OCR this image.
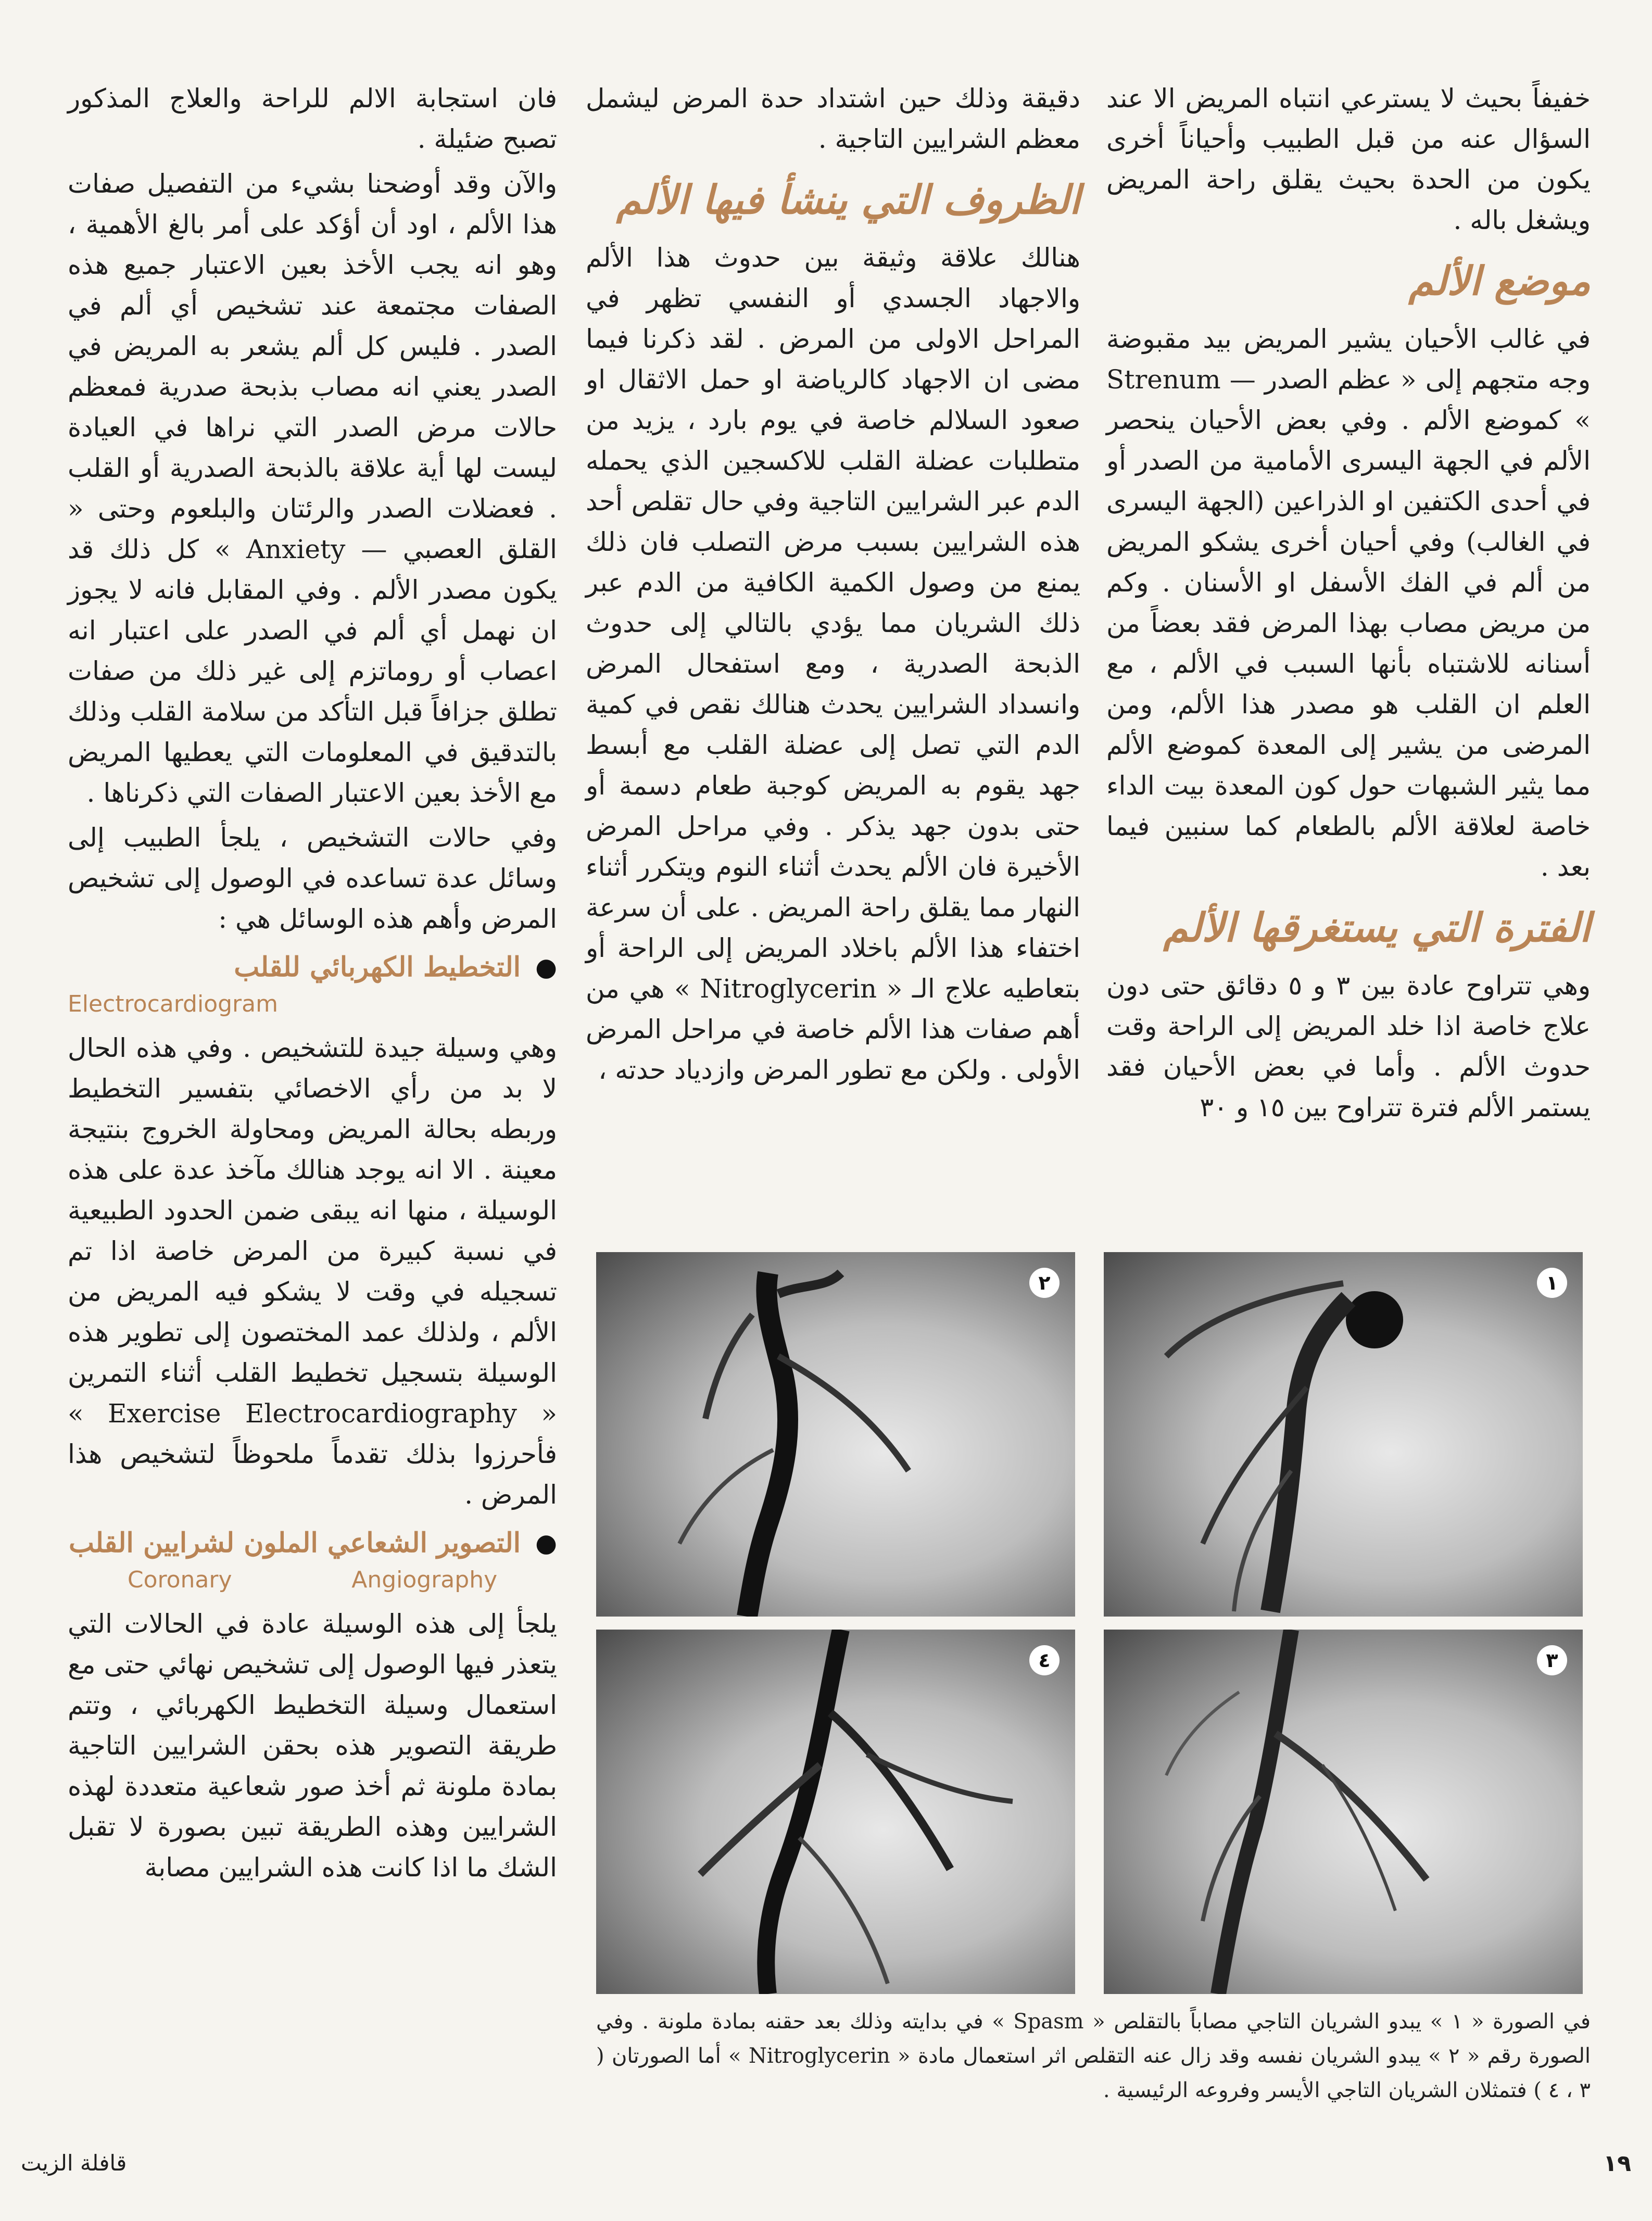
خفيفاً بحيث لا يسترعي انتباه المريض الا عند السؤال عنه من قبل الطبيب وأحياناً أخرى يكون من الحدة بحيث يقلق راحة المريض ويشغل باله .

موضع الألم

في غالب الأحيان يشير المريض بيد مقبوضة وجه متجهم إلى « عظم الصدر — Strenum » كموضع الألم . وفي بعض الأحيان ينحصر الألم في الجهة اليسرى الأمامية من الصدر أو في أحدى الكتفين او الذراعين (الجهة اليسرى في الغالب) وفي أحيان أخرى يشكو المريض من ألم في الفك الأسفل او الأسنان . وكم من مريض مصاب بهذا المرض فقد بعضاً من أسنانه للاشتباه بأنها السبب في الألم ، مع العلم ان القلب هو مصدر هذا الألم، ومن المرضى من يشير إلى المعدة كموضع الألم مما يثير الشبهات حول كون المعدة بيت الداء خاصة لعلاقة الألم بالطعام كما سنبين فيما بعد .

الفترة التي يستغرقها الألم

وهي تتراوح عادة بين ٣ و ٥ دقائق حتى دون علاج خاصة اذا خلد المريض إلى الراحة وقت حدوث الألم . وأما في بعض الأحيان فقد يستمر الألم فترة تتراوح بين ١٥ و ٣٠

دقيقة وذلك حين اشتداد حدة المرض ليشمل معظم الشرايين التاجية .

الظروف التي ينشأ فيها الألم

هنالك علاقة وثيقة بين حدوث هذا الألم والاجهاد الجسدي أو النفسي تظهر في المراحل الاولى من المرض . لقد ذكرنا فيما مضى ان الاجهاد كالرياضة او حمل الاثقال او صعود السلالم خاصة في يوم بارد ، يزيد من متطلبات عضلة القلب للاكسجين الذي يحمله الدم عبر الشرايين التاجية وفي حال تقلص أحد هذه الشرايين بسبب مرض التصلب فان ذلك يمنع من وصول الكمية الكافية من الدم عبر ذلك الشريان مما يؤدي بالتالي إلى حدوث الذبحة الصدرية ، ومع استفحال المرض وانسداد الشرايين يحدث هنالك نقص في كمية الدم التي تصل إلى عضلة القلب مع أبسط جهد يقوم به المريض كوجبة طعام دسمة أو حتى بدون جهد يذكر . وفي مراحل المرض الأخيرة فان الألم يحدث أثناء النوم ويتكرر أثناء النهار مما يقلق راحة المريض . على أن سرعة اختفاء هذا الألم باخلاد المريض إلى الراحة أو بتعاطيه علاج الـ « Nitroglycerin » هي من أهم صفات هذا الألم خاصة في مراحل المرض الأولى . ولكن مع تطور المرض وازدياد حدته ،

فان استجابة الالم للراحة والعلاج المذكور تصبح ضئيلة .

والآن وقد أوضحنا بشيء من التفصيل صفات هذا الألم ، اود أن أؤكد على أمر بالغ الأهمية ، وهو انه يجب الأخذ بعين الاعتبار جميع هذه الصفات مجتمعة عند تشخيص أي ألم في الصدر . فليس كل ألم يشعر به المريض في الصدر يعني انه مصاب بذبحة صدرية فمعظم حالات مرض الصدر التي نراها في العيادة ليست لها أية علاقة بالذبحة الصدرية أو القلب . فعضلات الصدر والرئتان والبلعوم وحتى « القلق العصبي — Anxiety » كل ذلك قد يكون مصدر الألم . وفي المقابل فانه لا يجوز ان نهمل أي ألم في الصدر على اعتبار انه اعصاب أو روماتزم إلى غير ذلك من صفات تطلق جزافاً قبل التأكد من سلامة القلب وذلك بالتدقيق في المعلومات التي يعطيها المريض مع الأخذ بعين الاعتبار الصفات التي ذكرناها .

وفي حالات التشخيص ، يلجأ الطبيب إلى وسائل عدة تساعده في الوصول إلى تشخيص المرض وأهم هذه الوسائل هي :

●
التخطيط الكهربائي للقلب
Electrocardiogram

وهي وسيلة جيدة للتشخيص . وفي هذه الحال لا بد من رأي الاخصائي بتفسير التخطيط وربطه بحالة المريض ومحاولة الخروج بنتيجة معينة . الا انه يوجد هنالك مآخذ عدة على هذه الوسيلة ، منها انه يبقى ضمن الحدود الطبيعية في نسبة كبيرة من المرض خاصة اذا تم تسجيله في وقت لا يشكو فيه المريض من الألم ، ولذلك عمد المختصون إلى تطوير هذه الوسيلة بتسجيل تخطيط القلب أثناء التمرين « Exercise Electrocardiography » فأحرزوا بذلك تقدماً ملحوظاً لتشخيص هذا المرض .

●
التصوير الشعاعي الملون لشرايين القلب
Coronary	Angiography

يلجأ إلى هذه الوسيلة عادة في الحالات التي يتعذر فيها الوصول إلى تشخيص نهائي حتى مع استعمال وسيلة التخطيط الكهربائي ، وتتم طريقة التصوير هذه بحقن الشرايين التاجية بمادة ملونة ثم أخذ صور شعاعية متعددة لهذه الشرايين وهذه الطريقة تبين بصورة لا تقبل الشك ما اذا كانت هذه الشرايين مصابة

١
٢
٣
٤
في الصورة « ١ » يبدو الشريان التاجي مصاباً بالتقلص « Spasm » في بدايته وذلك بعد حقنه بمادة ملونة . وفي الصورة رقم « ٢ » يبدو الشريان نفسه وقد زال عنه التقلص اثر استعمال مادة « Nitroglycerin » أما الصورتان ( ٣ ، ٤ ) فتمثلان الشريان التاجي الأيسر وفروعه الرئيسية .
١٩
قافلة الزيت
